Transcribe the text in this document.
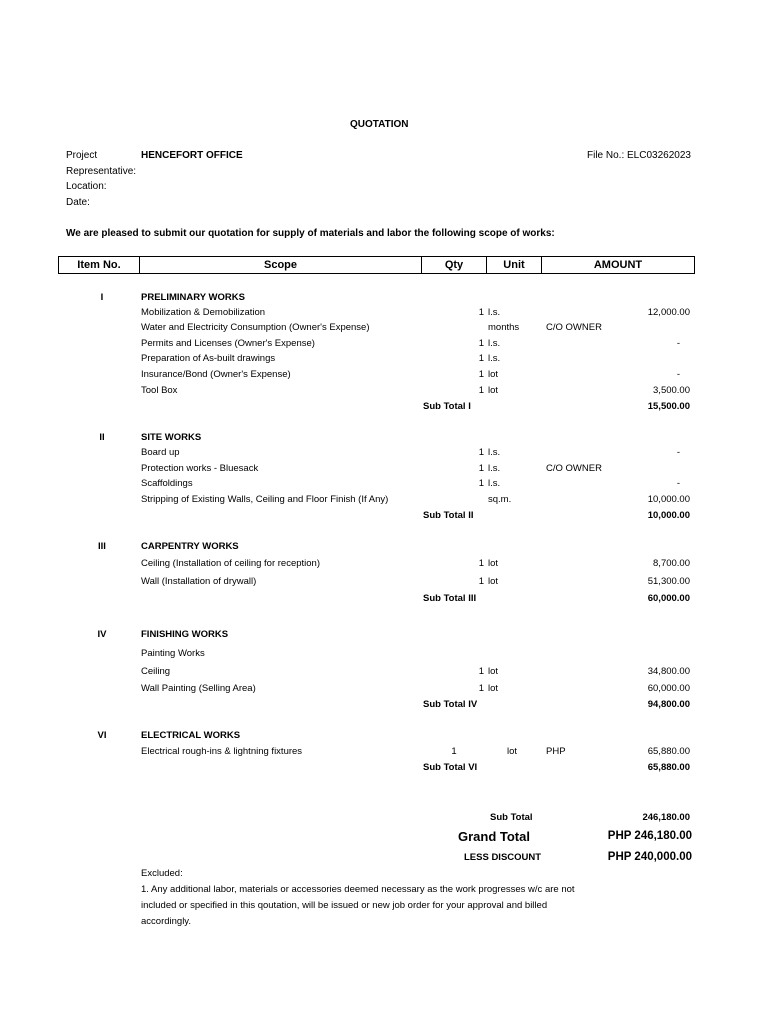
QUOTATION
Project	HENCEFORT OFFICE	File No.: ELC03262023
Representative:
Location:
Date:
We are pleased to submit our quotation for supply of materials and labor the following scope of works:
Item No.	Scope	Qty	Unit	AMOUNT
I	PRELIMINARY WORKS
Mobilization & Demobilization	1 l.s.	12,000.00
Water and Electricity Consumption (Owner's Expense)	months	C/O OWNER
Permits and Licenses (Owner's Expense)	1 l.s.	-
Preparation of As-built drawings	1 l.s.
Insurance/Bond (Owner's Expense)	1 lot	-
Tool Box	1 lot	3,500.00
Sub Total I	15,500.00
II	SITE WORKS
Board up	1 l.s.	-
Protection works - Bluesack	1 l.s.	C/O OWNER
Scaffoldings	1 l.s.	-
Stripping of Existing Walls, Ceiling and Floor Finish (If Any)	sq.m.	10,000.00
Sub Total II	10,000.00
III	CARPENTRY WORKS
Ceiling (Installation of ceiling for reception)	1 lot	8,700.00
Wall (Installation of drywall)	1 lot	51,300.00
Sub Total III	60,000.00
IV	FINISHING WORKS
Painting Works
Ceiling	1 lot	34,800.00
Wall Painting (Selling Area)	1 lot	60,000.00
Sub Total IV	94,800.00
VI	ELECTRICAL WORKS
Electrical rough-ins & lightning fixtures	1	lot	PHP	65,880.00
Sub Total VI	65,880.00
Sub Total	246,180.00
Grand Total	PHP 246,180.00
LESS DISCOUNT	PHP 240,000.00
Excluded:
1. Any additional labor, materials or accessories deemed necessary as the work progresses w/c are not
included or specified in this qoutation, will be issued or new job order for your approval and billed
accordingly.
